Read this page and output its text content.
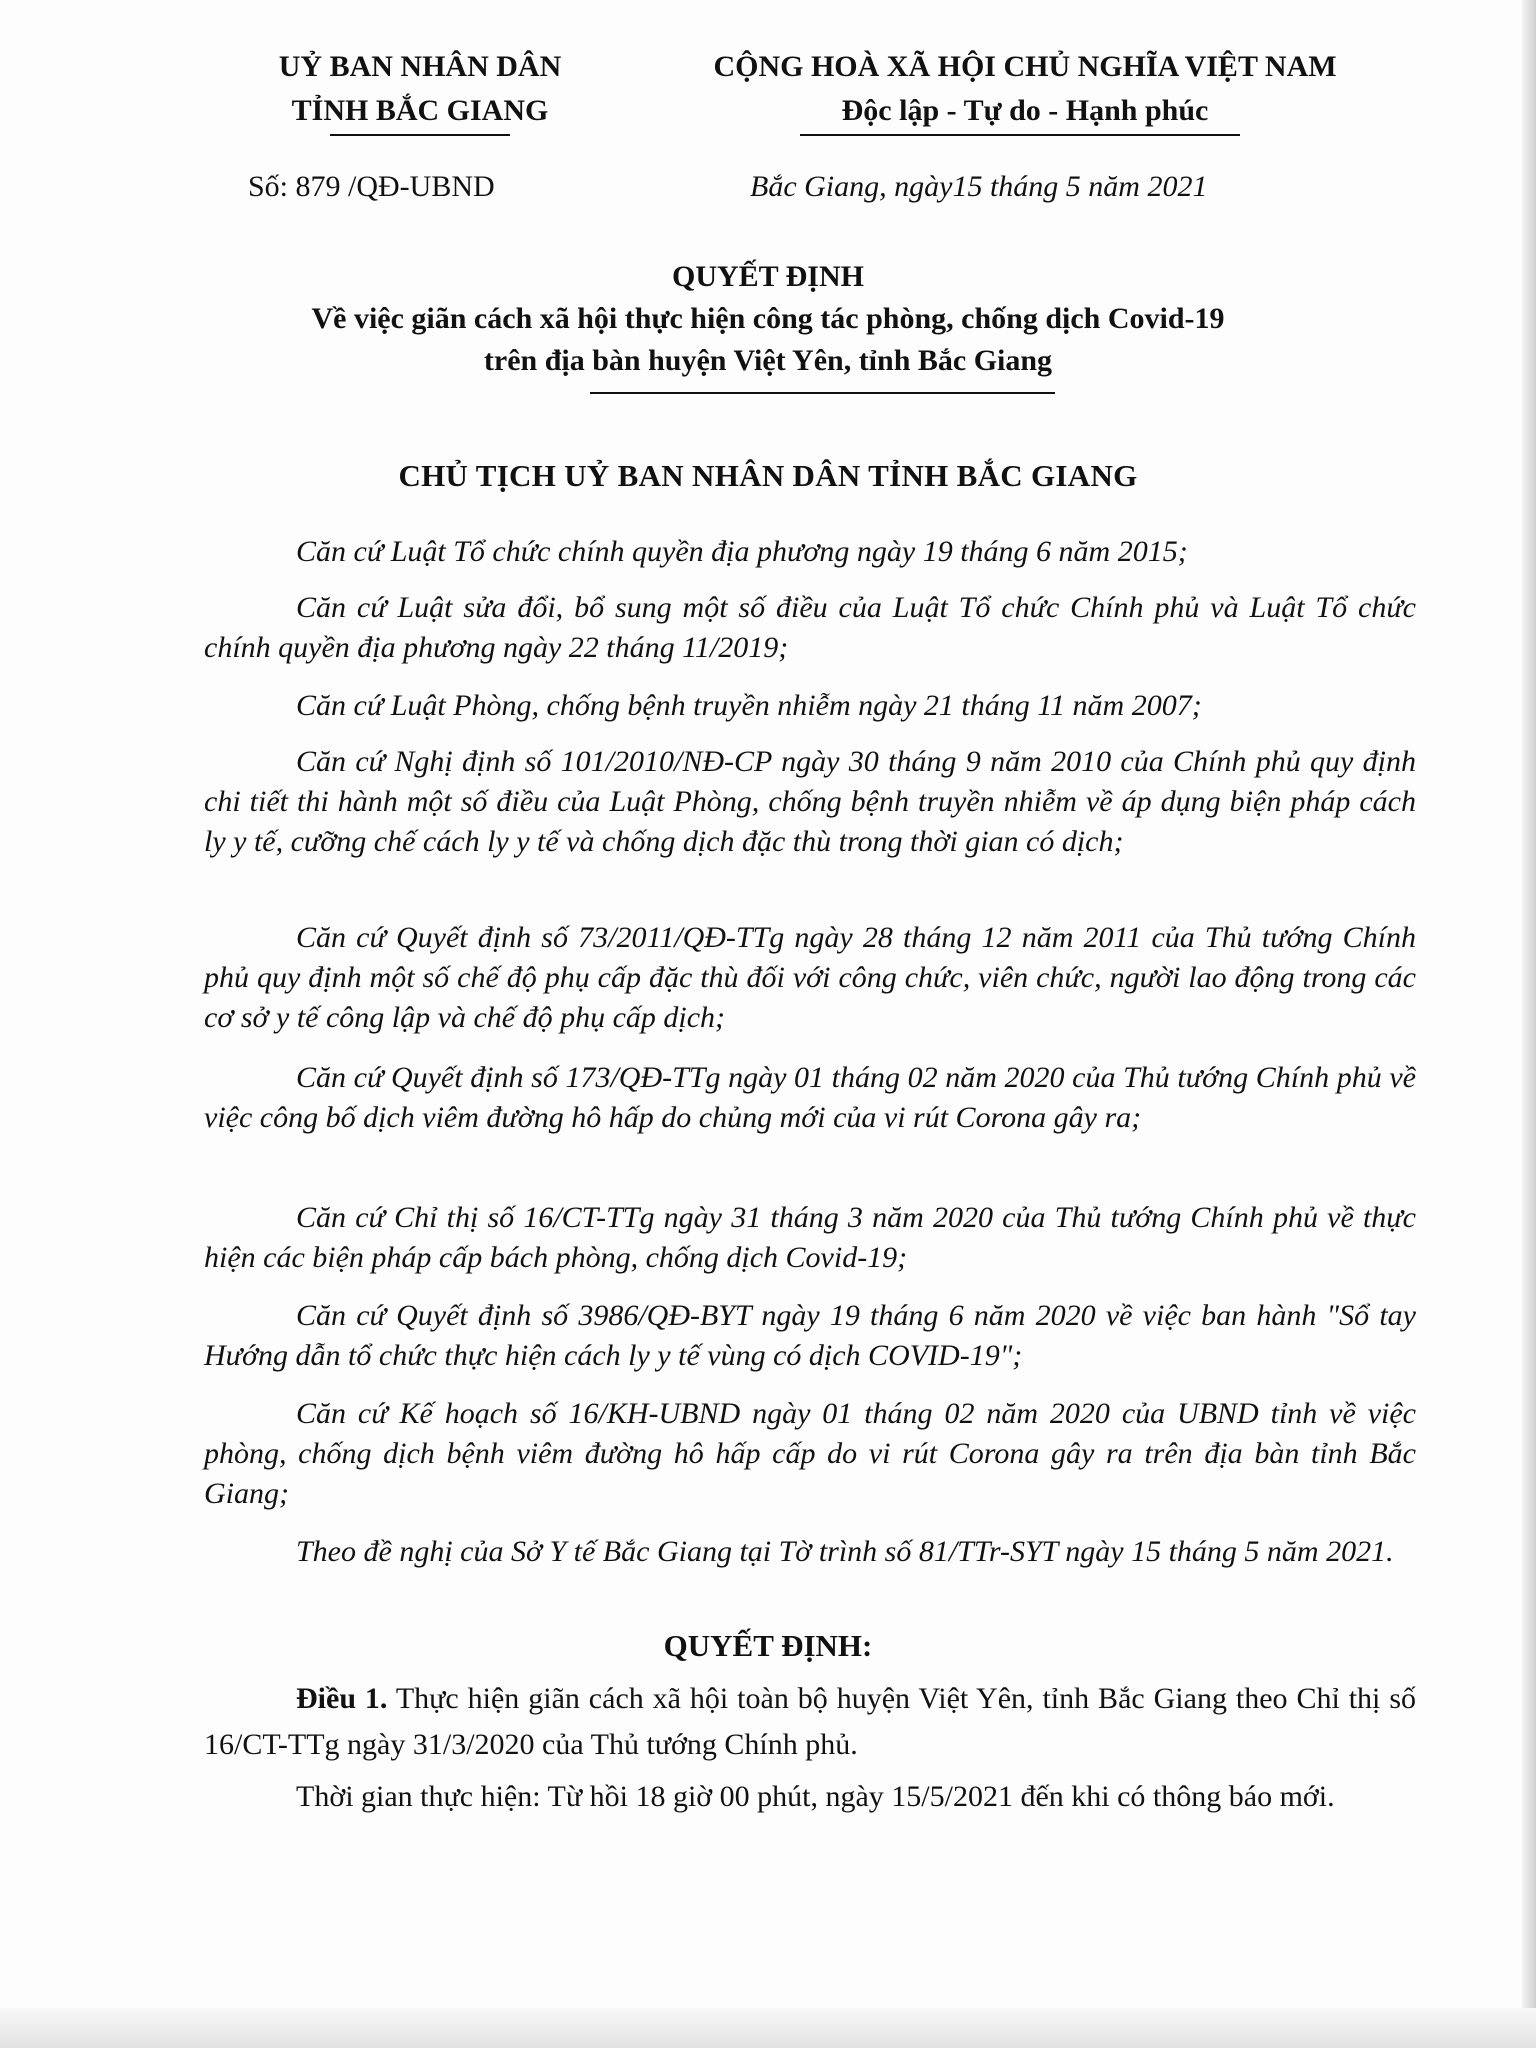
UỶ BAN NHÂN DÂN
TỈNH BẮC GIANG
CỘNG HOÀ XÃ HỘI CHỦ NGHĨA VIỆT NAM
Độc lập - Tự do - Hạnh phúc
Số: 879 /QĐ-UBND	Bắc Giang, ngày15 tháng 5 năm 2021
QUYẾT ĐỊNH
Về việc giãn cách xã hội thực hiện công tác phòng, chống dịch Covid-19
trên địa bàn huyện Việt Yên, tỉnh Bắc Giang
CHỦ TỊCH UỶ BAN NHÂN DÂN TỈNH BẮC GIANG
Căn cứ Luật Tổ chức chính quyền địa phương ngày 19 tháng 6 năm 2015;
Căn cứ Luật sửa đổi, bổ sung một số điều của Luật Tổ chức Chính phủ và Luật Tổ chức chính quyền địa phương ngày 22 tháng 11/2019;
Căn cứ Luật Phòng, chống bệnh truyền nhiễm ngày 21 tháng 11 năm 2007;
Căn cứ Nghị định số 101/2010/NĐ-CP ngày 30 tháng 9 năm 2010 của Chính phủ quy định chi tiết thi hành một số điều của Luật Phòng, chống bệnh truyền nhiễm về áp dụng biện pháp cách ly y tế, cưỡng chế cách ly y tế và chống dịch đặc thù trong thời gian có dịch;
Căn cứ Quyết định số 73/2011/QĐ-TTg ngày 28 tháng 12 năm 2011 của Thủ tướng Chính phủ quy định một số chế độ phụ cấp đặc thù đối với công chức, viên chức, người lao động trong các cơ sở y tế công lập và chế độ phụ cấp dịch;
Căn cứ Quyết định số 173/QĐ-TTg ngày 01 tháng 02 năm 2020 của Thủ tướng Chính phủ về việc công bố dịch viêm đường hô hấp do chủng mới của vi rút Corona gây ra;
Căn cứ Chỉ thị số 16/CT-TTg ngày 31 tháng 3 năm 2020 của Thủ tướng Chính phủ về thực hiện các biện pháp cấp bách phòng, chống dịch Covid-19;
Căn cứ Quyết định số 3986/QĐ-BYT ngày 19 tháng 6 năm 2020 về việc ban hành "Sổ tay Hướng dẫn tổ chức thực hiện cách ly y tế vùng có dịch COVID-19";
Căn cứ Kế hoạch số 16/KH-UBND ngày 01 tháng 02 năm 2020 của UBND tỉnh về việc phòng, chống dịch bệnh viêm đường hô hấp cấp do vi rút Corona gây ra trên địa bàn tỉnh Bắc Giang;
Theo đề nghị của Sở Y tế Bắc Giang tại Tờ trình số 81/TTr-SYT ngày 15 tháng 5 năm 2021.
QUYẾT ĐỊNH:
Điều 1. Thực hiện giãn cách xã hội toàn bộ huyện Việt Yên, tỉnh Bắc Giang theo Chỉ thị số 16/CT-TTg ngày 31/3/2020 của Thủ tướng Chính phủ.
Thời gian thực hiện: Từ hồi 18 giờ 00 phút, ngày 15/5/2021 đến khi có thông báo mới.
